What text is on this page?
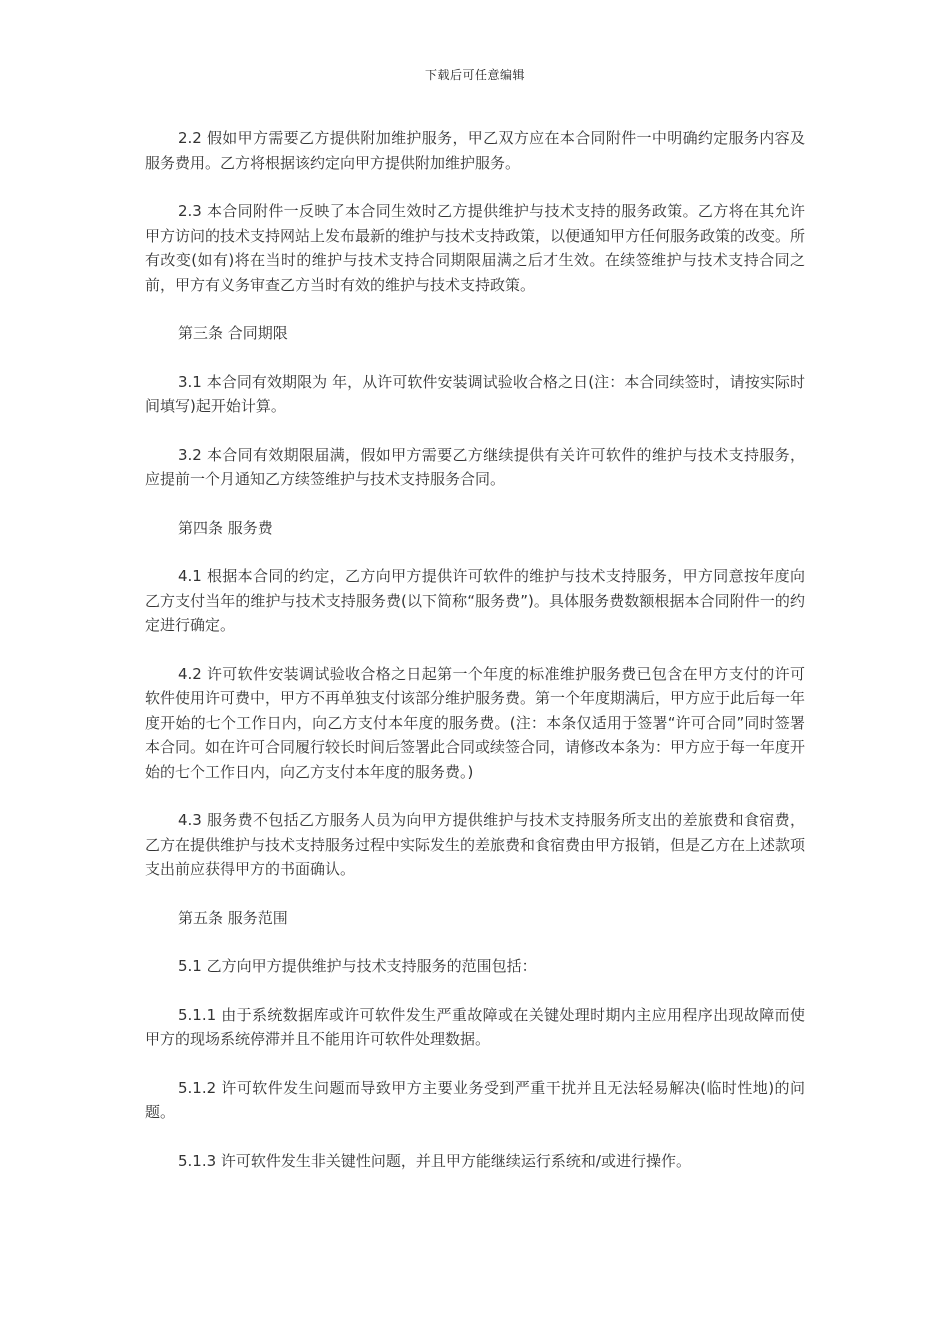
下载后可任意编辑

2.2 假如甲方需要乙方提供附加维护服务，甲乙双方应在本合同附件一中明确约定服务内容及服务费用。乙方将根据该约定向甲方提供附加维护服务。

2.3 本合同附件一反映了本合同生效时乙方提供维护与技术支持的服务政策。乙方将在其允许甲方访问的技术支持网站上发布最新的维护与技术支持政策，以便通知甲方任何服务政策的改变。所有改变(如有)将在当时的维护与技术支持合同期限届满之后才生效。在续签维护与技术支持合同之前，甲方有义务审查乙方当时有效的维护与技术支持政策。

第三条 合同期限

3.1 本合同有效期限为 年，从许可软件安装调试验收合格之日(注：本合同续签时，请按实际时间填写)起开始计算。

3.2 本合同有效期限届满，假如甲方需要乙方继续提供有关许可软件的维护与技术支持服务，应提前一个月通知乙方续签维护与技术支持服务合同。

第四条 服务费

4.1 根据本合同的约定，乙方向甲方提供许可软件的维护与技术支持服务，甲方同意按年度向乙方支付当年的维护与技术支持服务费(以下简称“服务费”)。具体服务费数额根据本合同附件一的约定进行确定。

4.2 许可软件安装调试验收合格之日起第一个年度的标准维护服务费已包含在甲方支付的许可软件使用许可费中，甲方不再单独支付该部分维护服务费。第一个年度期满后，甲方应于此后每一年度开始的七个工作日内，向乙方支付本年度的服务费。(注：本条仅适用于签署“许可合同”同时签署本合同。如在许可合同履行较长时间后签署此合同或续签合同，请修改本条为：甲方应于每一年度开始的七个工作日内，向乙方支付本年度的服务费。)

4.3 服务费不包括乙方服务人员为向甲方提供维护与技术支持服务所支出的差旅费和食宿费，乙方在提供维护与技术支持服务过程中实际发生的差旅费和食宿费由甲方报销，但是乙方在上述款项支出前应获得甲方的书面确认。

第五条 服务范围

5.1 乙方向甲方提供维护与技术支持服务的范围包括：

5.1.1 由于系统数据库或许可软件发生严重故障或在关键处理时期内主应用程序出现故障而使甲方的现场系统停滞并且不能用许可软件处理数据。

5.1.2 许可软件发生问题而导致甲方主要业务受到严重干扰并且无法轻易解决(临时性地)的问题。

5.1.3 许可软件发生非关键性问题，并且甲方能继续运行系统和/或进行操作。
